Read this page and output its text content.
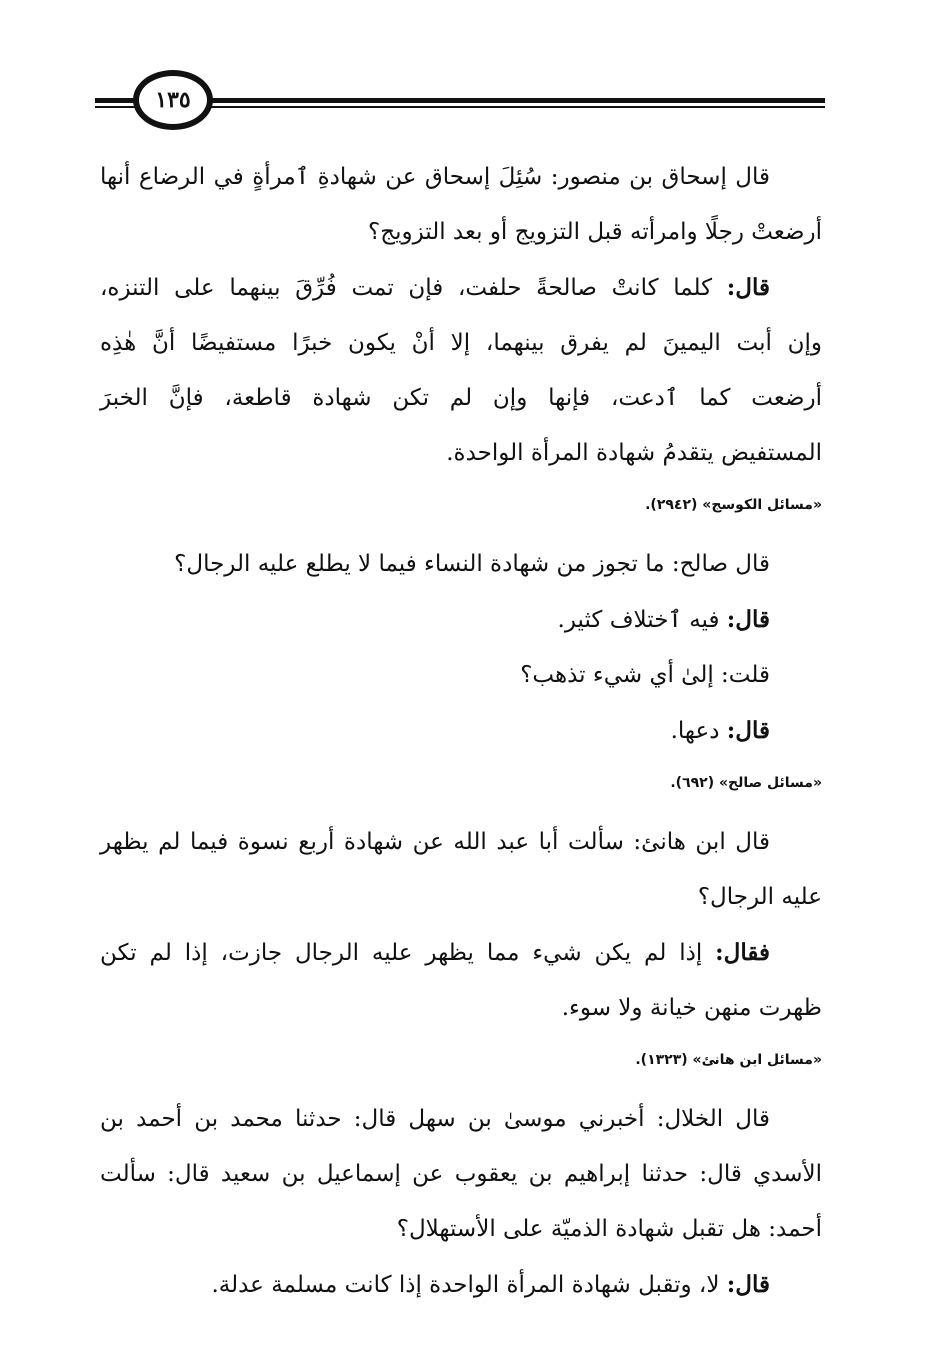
١٣٥
قال إسحاق بن منصور: سُئِلَ إسحاق عن شهادةِ ٱمرأةٍ في الرضاع أنها
أرضعتْ رجلًا وامرأته قبل التزويج أو بعد التزويج؟
قال: كلما كانتْ صالحةً حلفت، فإن تمت فُرِّقَ بينهما على التنزه،
وإن أبت اليمينَ لم يفرق بينهما، إلا أنْ يكون خبرًا مستفيضًا أنَّ هٰذِه
أرضعت كما ٱدعت، فإنها وإن لم تكن شهادة قاطعة، فإنَّ الخبرَ
المستفيض يتقدمُ شهادة المرأة الواحدة.
«مسائل الكوسج» (٢٩٤٢).
قال صالح: ما تجوز من شهادة النساء فيما لا يطلع عليه الرجال؟
قال: فيه ٱختلاف كثير.
قلت: إلىٰ أي شيء تذهب؟
قال: دعها.
«مسائل صالح» (٦٩٢).
قال ابن هانئ: سألت أبا عبد الله عن شهادة أربع نسوة فيما لم يظهر
عليه الرجال؟
فقال: إذا لم يكن شيء مما يظهر عليه الرجال جازت، إذا لم تكن
ظهرت منهن خيانة ولا سوء.
«مسائل ابن هانئ» (١٣٢٣).
قال الخلال: أخبرني موسىٰ بن سهل قال: حدثنا محمد بن أحمد بن
الأسدي قال: حدثنا إبراهيم بن يعقوب عن إسماعيل بن سعيد قال: سألت
أحمد: هل تقبل شهادة الذميّة على الأستهلال؟
قال: لا، وتقبل شهادة المرأة الواحدة إذا كانت مسلمة عدلة.
